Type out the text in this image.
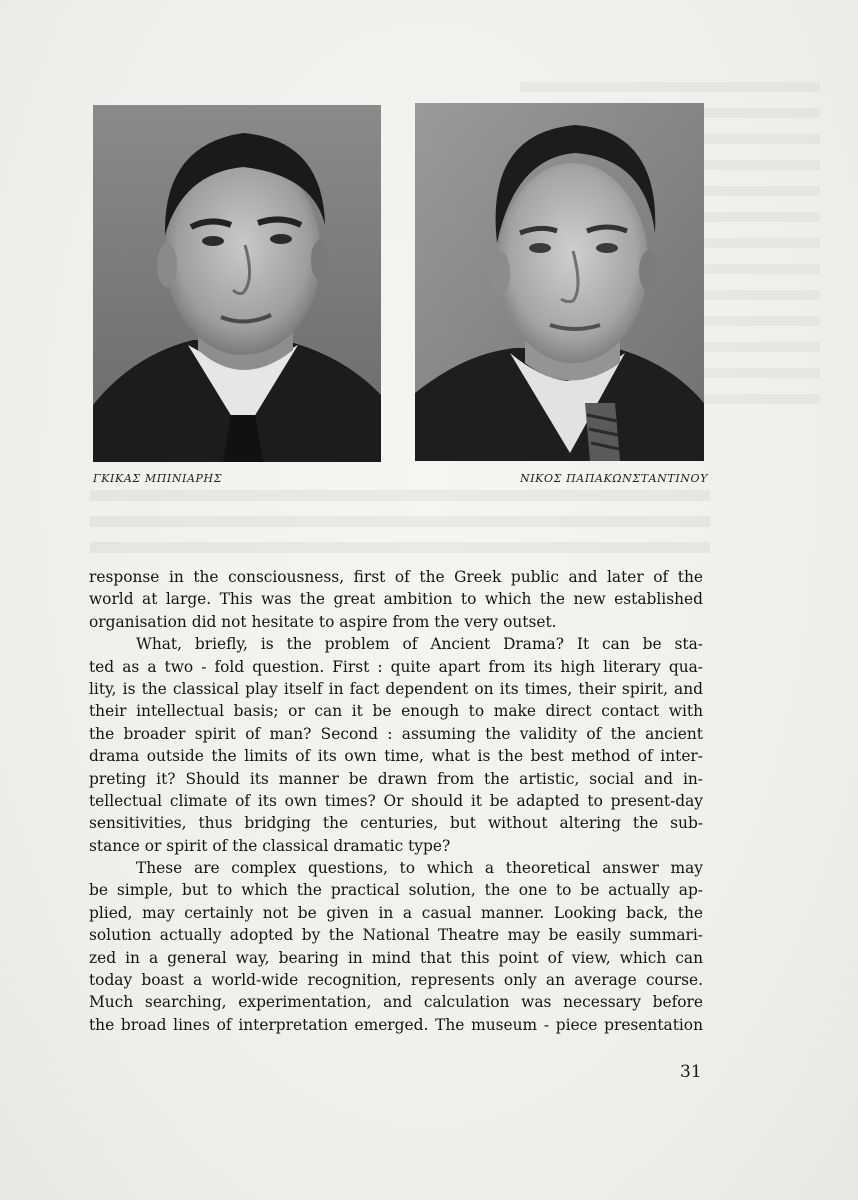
ΓΚΙΚΑΣ ΜΠΙΝΙΑΡΗΣ	ΝΙΚΟΣ ΠΑΠΑΚΩΝΣΤΑΝΤΙΝΟΥ
response in the consciousness, first of the Greek public and later of the
world at large. This was the great ambition to which the new established
organisation did not hesitate to aspire from the very outset.
What, briefly, is the problem of Ancient Drama? It can be sta-
ted as a two - fold question. First : quite apart from its high literary qua-
lity, is the classical play itself in fact dependent on its times, their spirit, and
their intellectual basis; or can it be enough to make direct contact with
the broader spirit of man? Second : assuming the validity of the ancient
drama outside the limits of its own time, what is the best method of inter-
preting it? Should its manner be drawn from the artistic, social and in-
tellectual climate of its own times? Or should it be adapted to present-day
sensitivities, thus bridging the centuries, but without altering the sub-
stance or spirit of the classical dramatic type?
These are complex questions, to which a theoretical answer may
be simple, but to which the practical solution, the one to be actually ap-
plied, may certainly not be given in a casual manner. Looking back, the
solution actually adopted by the National Theatre may be easily summari-
zed in a general way, bearing in mind that this point of view, which can
today boast a world-wide recognition, represents only an average course.
Much searching, experimentation, and calculation was necessary before
the broad lines of interpretation emerged. The museum - piece presentation
31
